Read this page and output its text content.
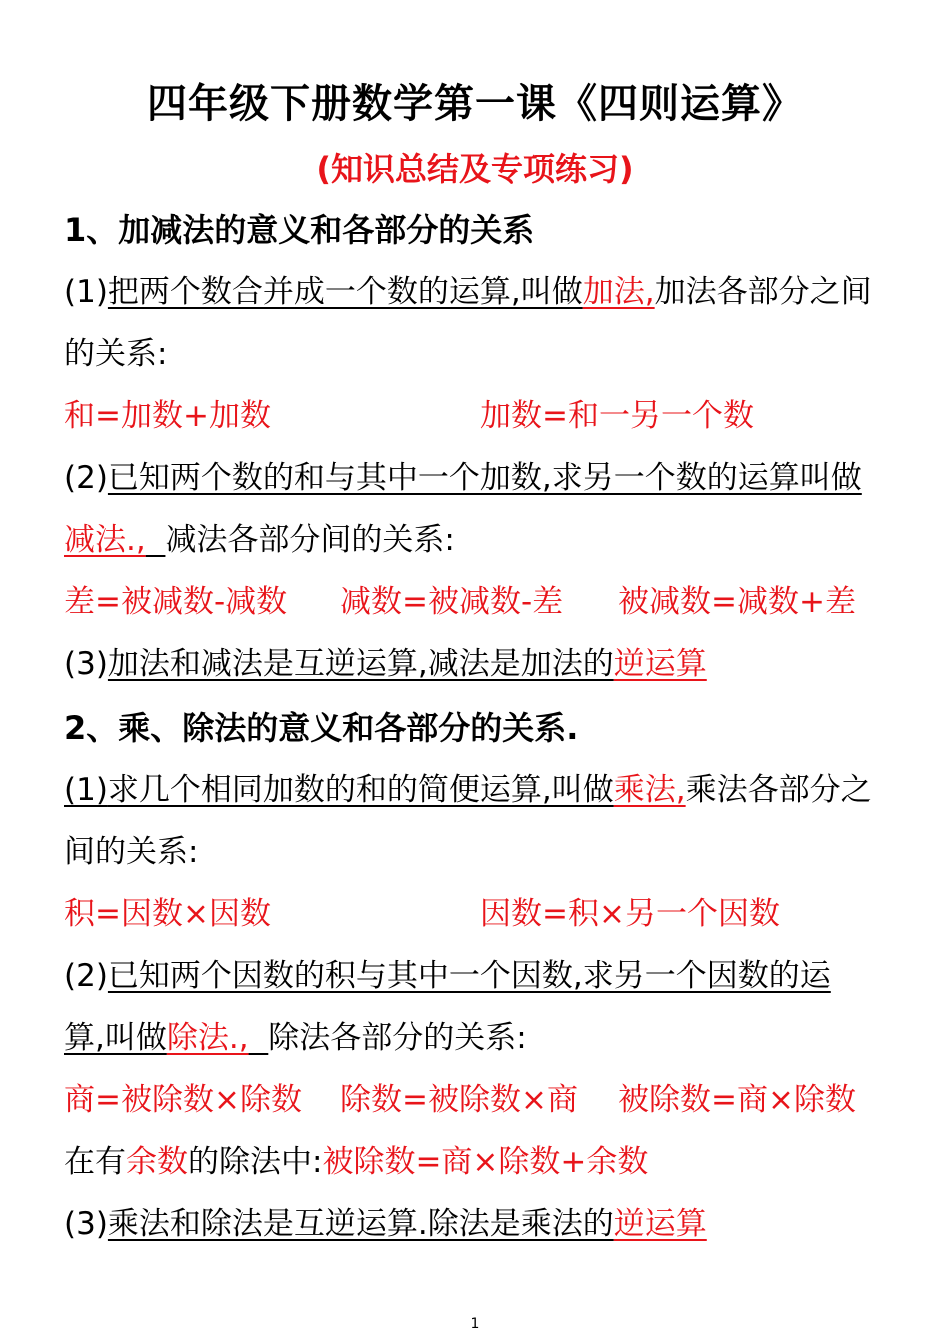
四年级下册数学第一课《四则运算》
(知识总结及专项练习)
1、加减法的意义和各部分的关系
(1)把两个数合并成一个数的运算,叫做加法,加法各部分之间
的关系:
和=加数+加数	加数=和一另一个数
(2)已知两个数的和与其中一个加数,求另一个数的运算叫做
减法., 减法各部分间的关系:
差=被减数-减数 减数=被减数-差 被减数=减数+差
(3)加法和减法是互逆运算,减法是加法的逆运算
2、乘、除法的意义和各部分的关系.
(1)求几个相同加数的和的简便运算,叫做乘法,乘法各部分之
间的关系:
积=因数×因数	因数=积×另一个因数
(2)已知两个因数的积与其中一个因数,求另一个因数的运
算,叫做除法., 除法各部分的关系:
商=被除数×除数 除数=被除数×商 被除数=商×除数
在有余数的除法中:被除数=商×除数+余数
(3)乘法和除法是互逆运算.除法是乘法的逆运算
1
